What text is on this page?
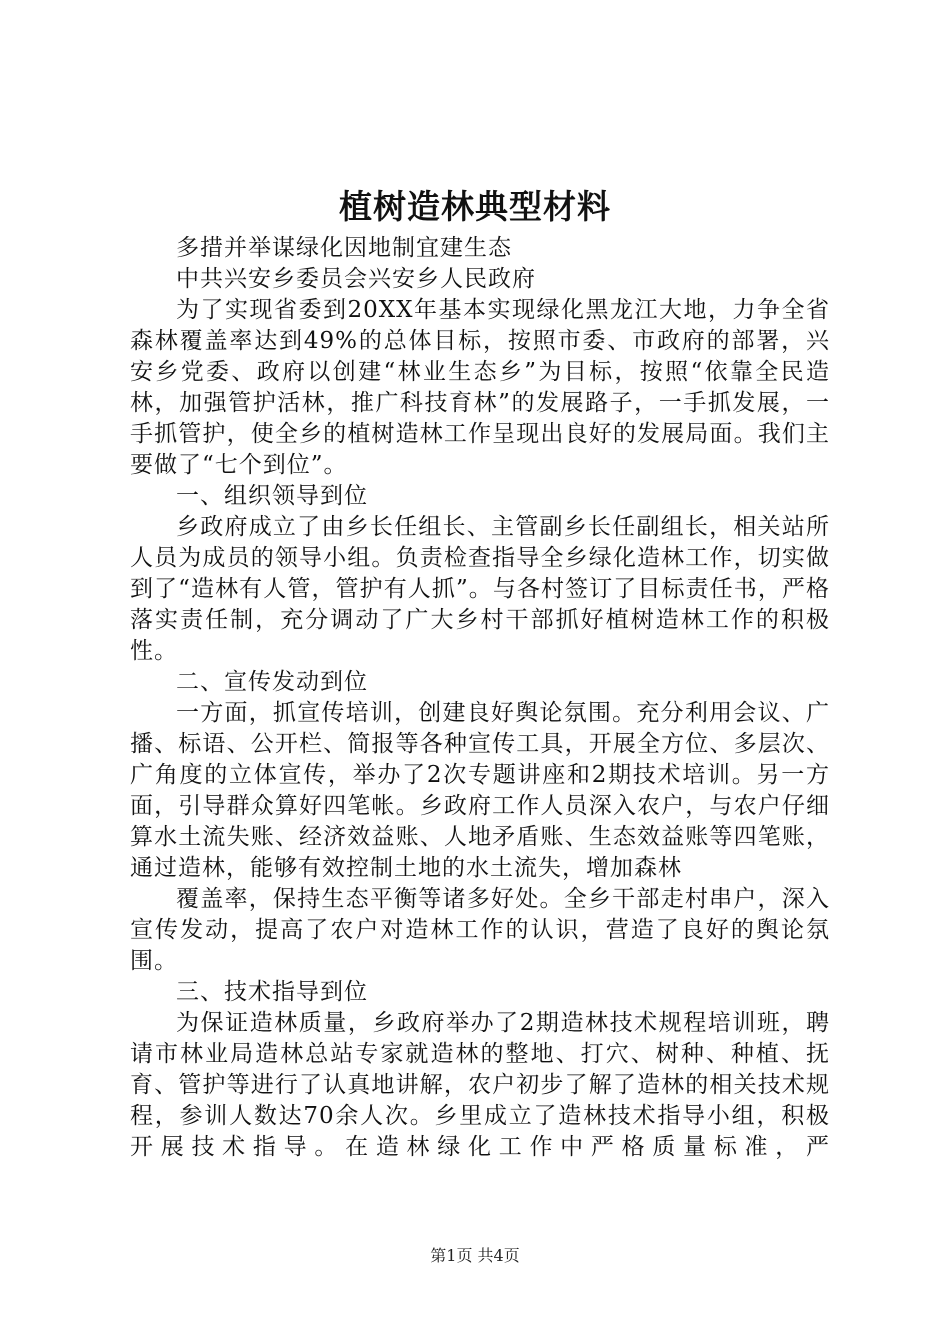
植树造林典型材料

多措并举谋绿化因地制宜建生态

中共兴安乡委员会兴安乡人民政府

为了实现省委到20XX年基本实现绿化黑龙江大地，力争全省森林覆盖率达到49%的总体目标，按照市委、市政府的部署，兴安乡党委、政府以创建“林业生态乡”为目标，按照“依靠全民造林，加强管护活林，推广科技育林”的发展路子，一手抓发展，一手抓管护，使全乡的植树造林工作呈现出良好的发展局面。我们主要做了“七个到位”。

一、组织领导到位

乡政府成立了由乡长任组长、主管副乡长任副组长，相关站所人员为成员的领导小组。负责检查指导全乡绿化造林工作，切实做到了“造林有人管，管护有人抓”。与各村签订了目标责任书，严格落实责任制，充分调动了广大乡村干部抓好植树造林工作的积极性。

二、宣传发动到位

一方面，抓宣传培训，创建良好舆论氛围。充分利用会议、广播、标语、公开栏、简报等各种宣传工具，开展全方位、多层次、广角度的立体宣传，举办了2次专题讲座和2期技术培训。另一方面，引导群众算好四笔帐。乡政府工作人员深入农户，与农户仔细算水土流失账、经济效益账、人地矛盾账、生态效益账等四笔账，通过造林，能够有效控制土地的水土流失，增加森林

覆盖率，保持生态平衡等诸多好处。全乡干部走村串户，深入宣传发动，提高了农户对造林工作的认识，营造了良好的舆论氛围。

三、技术指导到位

为保证造林质量，乡政府举办了2期造林技术规程培训班，聘请市林业局造林总站专家就造林的整地、打穴、树种、种植、抚育、管护等进行了认真地讲解，农户初步了解了造林的相关技术规程，参训人数达70余人次。乡里成立了造林技术指导小组，积极开展技术指导。在造林绿化工作中严格质量标准，严

第1页 共4页
